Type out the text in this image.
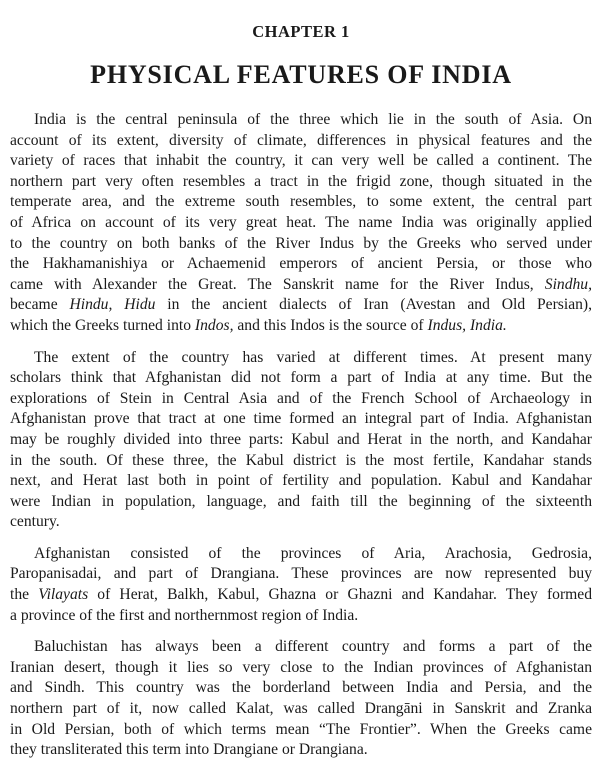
CHAPTER 1
PHYSICAL FEATURES OF INDIA

India is the central peninsula of the three which lie in the south of Asia. On
account of its extent, diversity of climate, differences in physical features and the
variety of races that inhabit the country, it can very well be called a continent. The
northern part very often resembles a tract in the frigid zone, though situated in the
temperate area, and the extreme south resembles, to some extent, the central part
of Africa on account of its very great heat. The name India was originally applied
to the country on both banks of the River Indus by the Greeks who served under
the Hakhamanishiya or Achaemenid emperors of ancient Persia, or those who
came with Alexander the Great. The Sanskrit name for the River Indus, Sindhu,
became Hindu, Hidu in the ancient dialects of Iran (Avestan and Old Persian),
which the Greeks turned into Indos, and this Indos is the source of Indus, India.

The extent of the country has varied at different times. At present many
scholars think that Afghanistan did not form a part of India at any time. But the
explorations of Stein in Central Asia and of the French School of Archaeology in
Afghanistan prove that tract at one time formed an integral part of India. Afghanistan
may be roughly divided into three parts: Kabul and Herat in the north, and Kandahar
in the south. Of these three, the Kabul district is the most fertile, Kandahar stands
next, and Herat last both in point of fertility and population. Kabul and Kandahar
were Indian in population, language, and faith till the beginning of the sixteenth
century.

Afghanistan consisted of the provinces of Aria, Arachosia, Gedrosia,
Paropanisadai, and part of Drangiana. These provinces are now represented buy
the Vilayats of Herat, Balkh, Kabul, Ghazna or Ghazni and Kandahar. They formed
a province of the first and northernmost region of India.

Baluchistan has always been a different country and forms a part of the
Iranian desert, though it lies so very close to the Indian provinces of Afghanistan
and Sindh. This country was the borderland between India and Persia, and the
northern part of it, now called Kalat, was called Drangāni in Sanskrit and Zranka
in Old Persian, both of which terms mean “The Frontier”. When the Greeks came
they transliterated this term into Drangiane or Drangiana.
